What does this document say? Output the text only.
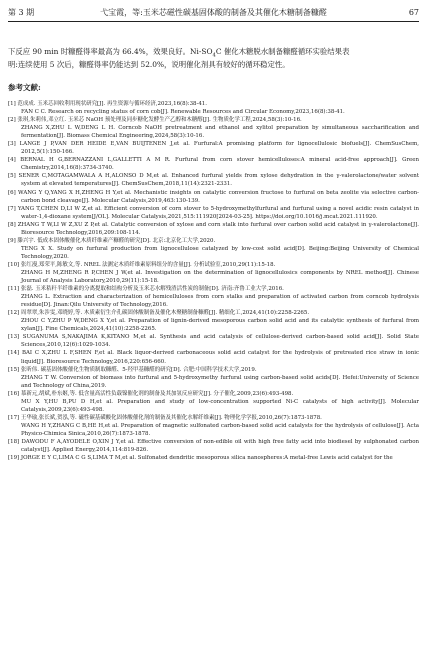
第 3 期	弋宝霞，等:玉米芯磁性碳基固体酸的制备及其催化木糖制备糠醛	67
下反应 90 min 时糠醛得率最高为 66.4%，效果良好。$Ni-SO_4C$ 催化木糖脱水制备糠醛循环实验结果表
明:连续使用 5 次后，糠醛得率仍能达到 52.0%，说明催化剂具有较好的循环稳定性。
参考文献:
[1] 范成成. 玉米芯回收利用现状研究[J]. 再生资源与循环经济,2023,16(8):38-41.
FAN C C. Research on recycling status of corn cob[J]. Renewable Resources and Circular Economy,2023,16(8):38-41.
[2] 张琪,朱莉伟,邓立红. 玉米芯 NaOH 预处理及同步糖化发酵生产乙醇和木糖醇[J]. 生物质化学工程,2024,58(3):10-16.
ZHANG X,ZHU L W,DENG L H. Corncob NaOH pretreatment and ethanol and xylitol preparation by simultaneous saccharification and fermentation[J]. Biomass Chemical Engineering,2024,58(3):10-16.
[3] LANGE J P,VAN DER HEIDE E,VAN BUIJTENEN J,et al. Furfural:A promising platform for lignocellulosic biofuels[J]. ChemSusChem, 2012,5(1):150-166.
[4] BERNAL H G,BERNAZZANI L,GALLETTI A M R. Furfural from corn stover hemicelluloses:A mineral acid-free approach[J]. Green Chemistry,2014,16(8):3734-3740.
[5] SENER C,MOTAGAMWALA A H,ALONSO D M,et al. Enhanced furfural yields from xylose dehydration in the γ-valerolactone/water solvent system at elevated temperatures[J]. ChemSusChem,2018,11(14):2321-2331.
[6] WANG Y Q,YANG X H,ZHENG H Y,et al. Mechanistic insights on catalytic conversion fructose to furfural on beta zeolite via selective carbon-carbon bond cleavage[J]. Molecular Catalysis,2019,463:130-139.
[7] YANG T,CHEN D,LI W Z,et al. Efficient conversion of corn stover to 5-hydroxymethylfurfural and furfural using a novel acidic resin catalyst in water-1,4-dioxane system[J/OL]. Molecular Catalysis,2021,515:111920[2024-03-25]. https://doi.org/10.1016/j.mcat.2021.111920.
[8] ZHANG T W,LI W Z,XU Z P,et al. Catalytic conversion of xylose and corn stalk into furfural over carbon solid acid catalyst in γ-valerolactone[J]. Bioresource Technology,2016,209:108-114.
[9] 滕兴宇. 低成本固体酸催化木质纤维素产糠醛的研究[D]. 北京:北京化工大学,2020.
TENG X X. Study on furfural production from lignocellulose catalyzed by low-cost solid acid[D]. Beijing:Beijing University of Chemical Technology,2020.
[10] 张红漫,郑荣平,陈敏文,等. NREL 法测定木质纤维素原料组分的含量[J]. 分析试验室,2010,29(11):15-18.
ZHANG H M,ZHENG R P,CHEN J W,et al. Investigation on the determination of lignocellulosics components by NREL method[J]. Chinese Journal of Analysis Laboratory,2010,29(11):15-18.
[11] 张磊. 玉米秸秆半纤维素的分离提取和结构分析及玉米芯水解残渣活性炭的制备[D]. 济南:齐鲁工业大学,2016.
ZHANG L. Extraction and characterization of hemicelluloses from corn stalks and preparation of activated carbon from corncob hydrolysis residue[D]. Jinan:Qilu University of Technology,2016.
[12] 周翠翠,朱涉雯,邓晓婷,等. 木质素衍生介孔碳固体酸制备及催化木聚糖制备糠醛[J]. 精细化工,2024,41(10):2258-2265.
ZHOU C Y,ZHU P W,DENG X Y,et al. Preparation of lignin-derived mesoporous carbon solid acid and its catalytic synthesis of furfural from xylan[J]. Fine Chemicals,2024,41(10):2258-2265.
[13] SUGANUMA S,NAKAJIMA K,KITANO M,et al. Synthesis and acid catalysis of cellulose-derived carbon-based solid acid[J]. Solid State Sciences,2010,12(6):1029-1034.
[14] BAI C X,ZHU L F,SHEN F,et al. Black liquor-derived carbonaceous solid acid catalyst for the hydrolysis of pretreated rice straw in ionic liquid[J]. Bioresource Technology,2016,220:656-660.
[15] 张昕伟. 碳基固体酸催化生物质制取糠醛、5-羟甲基糠醛的研究[D]. 合肥:中国科学技术大学,2019.
ZHANG T W. Conversion of biomass into furfural and 5-hydroxymethy furfural using carbon-based solid acids[D]. Hefei:University of Science and Technology of China,2019.
[16] 慕新元,胡斌,朴东姬,等. 低含量高活性负载镍催化剂的制备及其加氢反应研究[J]. 分子催化,2009,23(6):493-498.
MU X Y,HU B,PU D H,et al. Preparation and study of low-concentration supported Ni-C catalysts of high activity[J]. Molecular Catalysis,2009,23(6):493-498.
[17] 王华瑜,张长斌,贺泓,等. 磁性碳基磺酸化固体酸催化剂的制备及其催化水解纤维素[J]. 物理化学学报,2010,26(7):1873-1878.
WANG H Y,ZHANG C B,HE H,et al. Preparation of magnetic sulfonated carbon-based solid acid catalysts for the hydrolysis of cellulose[J]. Acta Physico-Chimica Sinica,2010,26(7):1873-1878.
[18] DAWODU F A,AYODELE O,XIN J Y,et al. Effective conversion of non-edible oil with high free fatty acid into biodiesel by sulphonated carbon catalyst[J]. Applied Energy,2014,114:819-826.
[19] JORGE E Y C,LIMA C G S,LIMA T M,et al. Sulfonated dendritic mesoporous silica nanospheres:A metal-free Lewis acid catalyst for the
